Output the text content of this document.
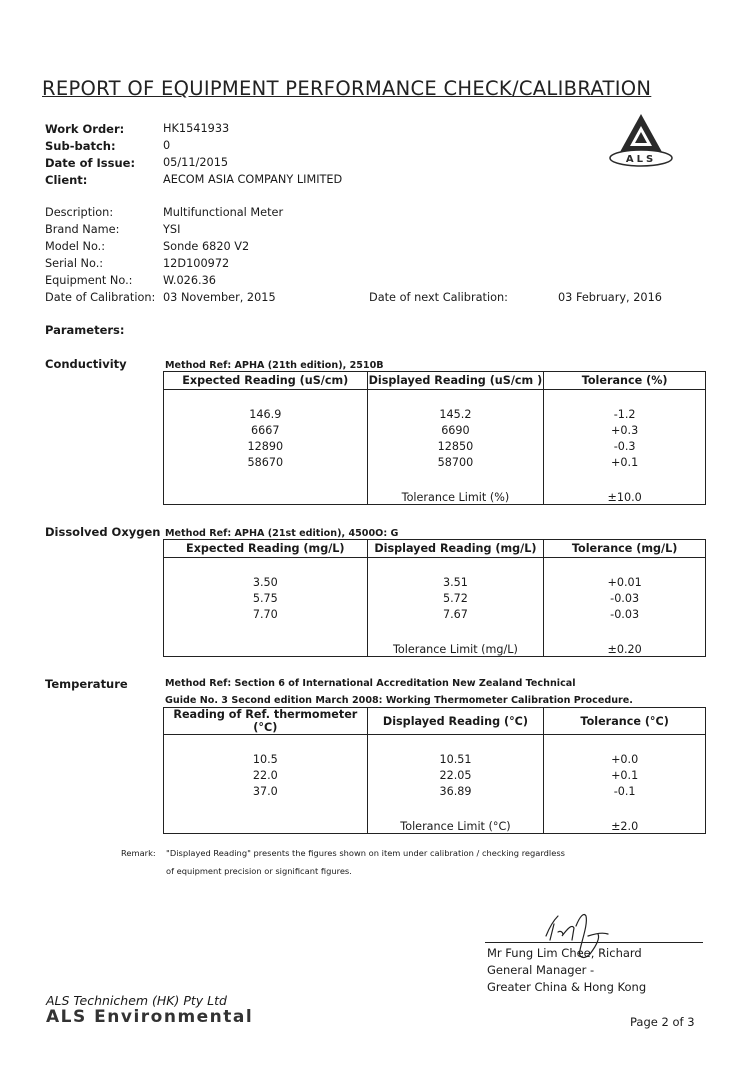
REPORT OF EQUIPMENT PERFORMANCE CHECK/CALIBRATION
ALS
Work Order:	HK1541933
Sub-batch:	0
Date of Issue: 05/11/2015
Client:	AECOM ASIA COMPANY LIMITED
Description:	Multifunctional Meter
Brand Name:	YSI
Model No.:	Sonde 6820 V2
Serial No.:	12D100972
Equipment No.:	W.026.36
Date of Calibration: 03 November, 2015	Date of next Calibration:	03 February, 2016
Parameters:
Conductivity	Method Ref: APHA (21th edition), 2510B
Expected Reading (uS/cm)	Displayed Reading (uS/cm )	Tolerance (%)

146.9	145.2	-1.2
6667	6690	+0.3
12890	12850	-0.3
58670	58700	+0.1

	Tolerance Limit (%)	±10.0
Dissolved Oxygen Method Ref: APHA (21st edition), 4500O: G
Expected Reading (mg/L)	Displayed Reading (mg/L)	Tolerance (mg/L)

3.50	3.51	+0.01
5.75	5.72	-0.03
7.70	7.67	-0.03

	Tolerance Limit (mg/L)	±0.20
Temperature	Method Ref: Section 6 of International Accreditation New Zealand Technical
Guide No. 3 Second edition March 2008: Working Thermometer Calibration Procedure.
Reading of Ref. thermometer (°C)	Displayed Reading (°C)	Tolerance (°C)

10.5	10.51	+0.0
22.0	22.05	+0.1
37.0	36.89	-0.1

	Tolerance Limit (°C)	±2.0
Remark: "Displayed Reading" presents the figures shown on item under calibration / checking regardless
of equipment precision or significant figures.
Mr Fung Lim Chee, Richard
General Manager -
Greater China & Hong Kong
ALS Technichem (HK) Pty Ltd
ALS Environmental	Page 2 of 3
